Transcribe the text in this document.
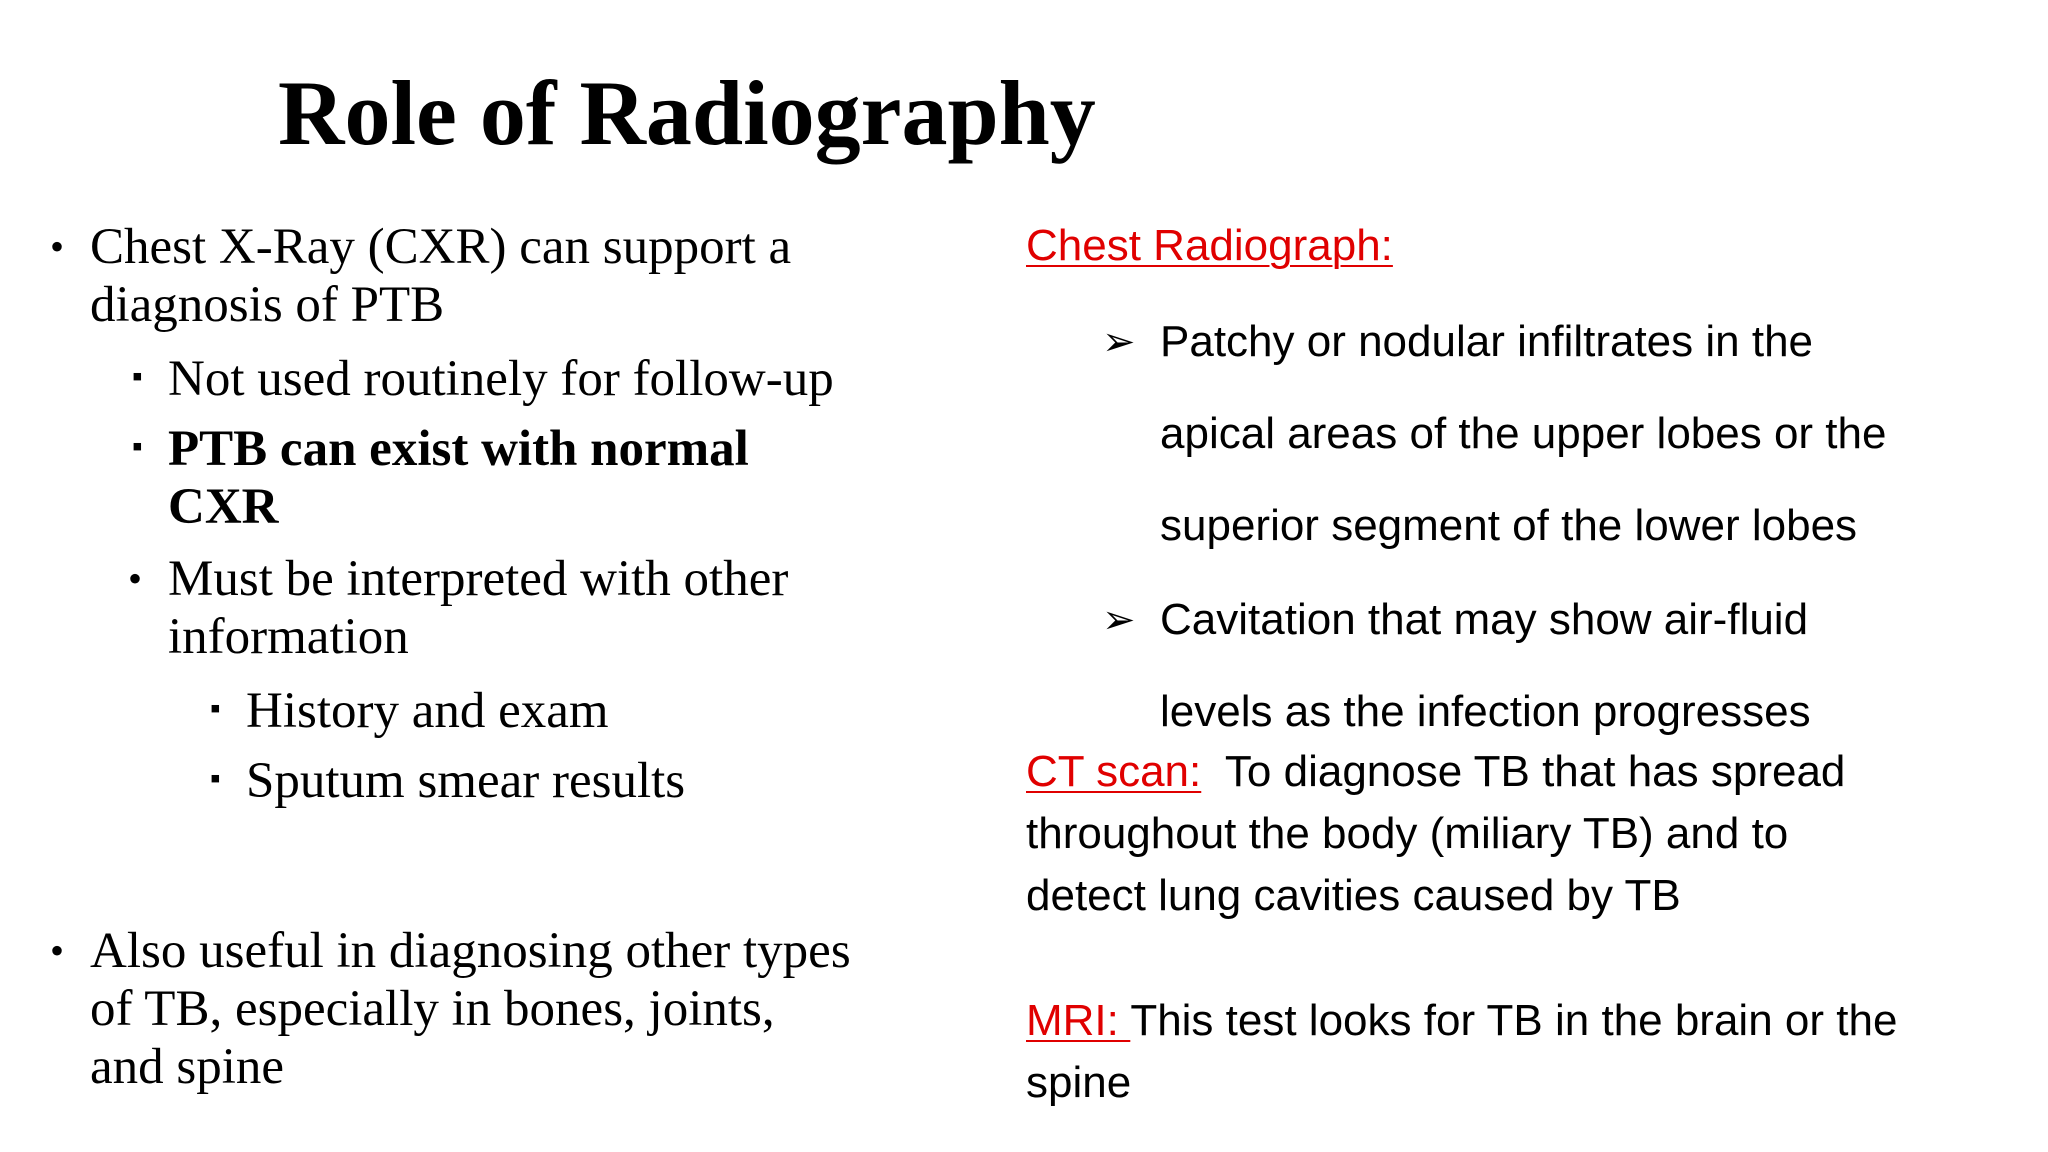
Role of Radiography
• Chest X-Ray (CXR) can support a
diagnosis of PTB
▪ Not used routinely for follow-up
▪ PTB can exist with normal
CXR
• Must be interpreted with other
information
▪ History and exam
▪ Sputum smear results
• Also useful in diagnosing other types
of TB, especially in bones, joints,
and spine
Chest Radiograph:
➢ Patchy or nodular infiltrates in the
apical areas of the upper lobes or the
superior segment of the lower lobes
➢ Cavitation that may show air-fluid
levels as the infection progresses
CT scan:  To diagnose TB that has spread
throughout the body (miliary TB) and to
detect lung cavities caused by TB
MRI: This test looks for TB in the brain or the
spine
